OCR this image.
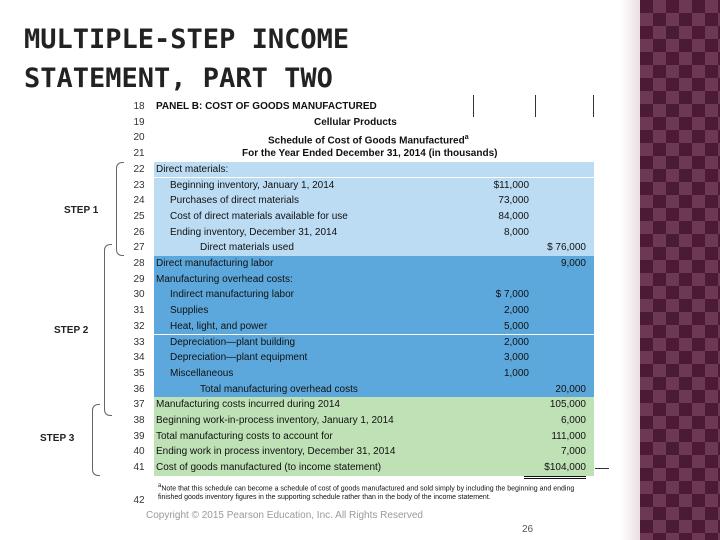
MULTIPLE-STEP INCOME
STATEMENT, PART TWO
18	PANEL B: COST OF GOODS MANUFACTURED
19	Cellular Products
20	Schedule of Cost of Goods Manufactured$^a$
21	For the Year Ended December 31, 2014 (in thousands)
22	Direct materials:
23	Beginning inventory, January 1, 2014	$11,000
24	Purchases of direct materials	73,000
25	Cost of direct materials available for use	84,000
26	Ending inventory, December 31, 2014	8,000
27	Direct materials used	$ 76,000
28	Direct manufacturing labor	9,000
29	Manufacturing overhead costs:
30	Indirect manufacturing labor	$ 7,000
31	Supplies	2,000
32	Heat, light, and power	5,000
33	Depreciation—plant building	2,000
34	Depreciation—plant equipment	3,000
35	Miscellaneous	1,000
36	Total manufacturing overhead costs	20,000
37	Manufacturing costs incurred during 2014	105,000
38	Beginning work-in-process inventory, January 1, 2014	6,000
39	Total manufacturing costs to account for	111,000
40	Ending work in process inventory, December 31, 2014	7,000
41	Cost of goods manufactured (to income statement)	$104,000
42
STEP 1
STEP 2
STEP 3
$^a$Note that this schedule can become a schedule of cost of goods manufactured and sold simply by including the beginning and ending finished goods inventory figures in the supporting schedule rather than in the body of the income statement.
Copyright © 2015 Pearson Education, Inc. All Rights Reserved
26
